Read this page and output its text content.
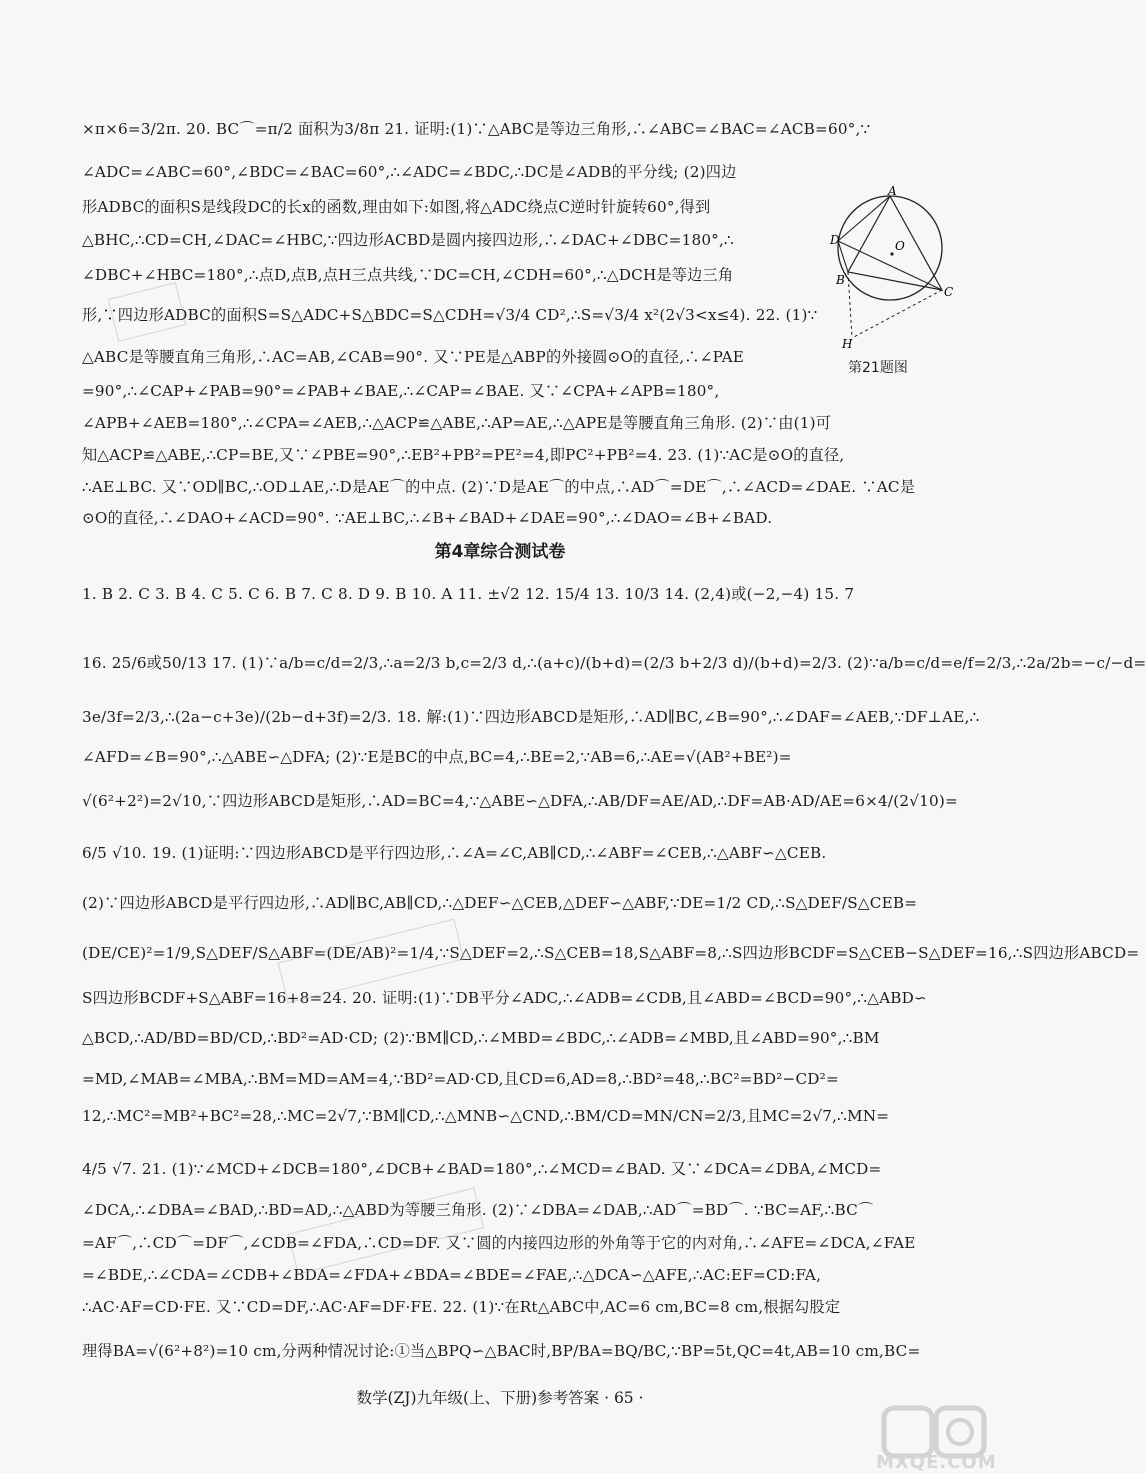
×π×6=3/2π. 20. BC⌒=π/2 面积为3/8π 21. 证明:(1)∵△ABC是等边三角形,∴∠ABC=∠BAC=∠ACB=60°,∵
∠ADC=∠ABC=60°,∠BDC=∠BAC=60°,∴∠ADC=∠BDC,∴DC是∠ADB的平分线; (2)四边
形ADBC的面积S是线段DC的长x的函数,理由如下:如图,将△ADC绕点C逆时针旋转60°,得到
△BHC,∴CD=CH,∠DAC=∠HBC,∵四边形ACBD是圆内接四边形,∴∠DAC+∠DBC=180°,∴
∠DBC+∠HBC=180°,∴点D,点B,点H三点共线,∵DC=CH,∠CDH=60°,∴△DCH是等边三角
形,∵四边形ADBC的面积S=S△ADC+S△BDC=S△CDH=√3/4 CD²,∴S=√3/4 x²(2√3<x≤4). 22. (1)∵
△ABC是等腰直角三角形,∴AC=AB,∠CAB=90°. 又∵PE是△ABP的外接圆⊙O的直径,∴∠PAE
=90°,∴∠CAP+∠PAB=90°=∠PAB+∠BAE,∴∠CAP=∠BAE. 又∵∠CPA+∠APB=180°,
∠APB+∠AEB=180°,∴∠CPA=∠AEB,∴△ACP≌△ABE,∴AP=AE,∴△APE是等腰直角三角形. (2)∵由(1)可
知△ACP≌△ABE,∴CP=BE,又∵∠PBE=90°,∴EB²+PB²=PE²=4,即PC²+PB²=4. 23. (1)∵AC是⊙O的直径,
∴AE⊥BC. 又∵OD∥BC,∴OD⊥AE,∴D是AE⌒的中点. (2)∵D是AE⌒的中点,∴AD⌒=DE⌒,∴∠ACD=∠DAE. ∵AC是
⊙O的直径,∴∠DAO+∠ACD=90°. ∵AE⊥BC,∴∠B+∠BAD+∠DAE=90°,∴∠DAO=∠B+∠BAD.
第4章综合测试卷
1. B 2. C 3. B 4. C 5. C 6. B 7. C 8. D 9. B 10. A 11. ±√2 12. 15/4 13. 10/3 14. (2,4)或(−2,−4) 15. 7
16. 25/6或50/13 17. (1)∵a/b=c/d=2/3,∴a=2/3 b,c=2/3 d,∴(a+c)/(b+d)=(2/3 b+2/3 d)/(b+d)=2/3. (2)∵a/b=c/d=e/f=2/3,∴2a/2b=−c/−d=
3e/3f=2/3,∴(2a−c+3e)/(2b−d+3f)=2/3. 18. 解:(1)∵四边形ABCD是矩形,∴AD∥BC,∠B=90°,∴∠DAF=∠AEB,∵DF⊥AE,∴
∠AFD=∠B=90°,∴△ABE∽△DFA; (2)∵E是BC的中点,BC=4,∴BE=2,∵AB=6,∴AE=√(AB²+BE²)=
√(6²+2²)=2√10,∵四边形ABCD是矩形,∴AD=BC=4,∵△ABE∽△DFA,∴AB/DF=AE/AD,∴DF=AB·AD/AE=6×4/(2√10)=
6/5 √10. 19. (1)证明:∵四边形ABCD是平行四边形,∴∠A=∠C,AB∥CD,∴∠ABF=∠CEB,∴△ABF∽△CEB.
(2)∵四边形ABCD是平行四边形,∴AD∥BC,AB∥CD,∴△DEF∽△CEB,△DEF∽△ABF,∵DE=1/2 CD,∴S△DEF/S△CEB=
(DE/CE)²=1/9,S△DEF/S△ABF=(DE/AB)²=1/4,∵S△DEF=2,∴S△CEB=18,S△ABF=8,∴S四边形BCDF=S△CEB−S△DEF=16,∴S四边形ABCD=
S四边形BCDF+S△ABF=16+8=24. 20. 证明:(1)∵DB平分∠ADC,∴∠ADB=∠CDB,且∠ABD=∠BCD=90°,∴△ABD∽
△BCD,∴AD/BD=BD/CD,∴BD²=AD·CD; (2)∵BM∥CD,∴∠MBD=∠BDC,∴∠ADB=∠MBD,且∠ABD=90°,∴BM
=MD,∠MAB=∠MBA,∴BM=MD=AM=4,∵BD²=AD·CD,且CD=6,AD=8,∴BD²=48,∴BC²=BD²−CD²=
12,∴MC²=MB²+BC²=28,∴MC=2√7,∵BM∥CD,∴△MNB∽△CND,∴BM/CD=MN/CN=2/3,且MC=2√7,∴MN=
4/5 √7. 21. (1)∵∠MCD+∠DCB=180°,∠DCB+∠BAD=180°,∴∠MCD=∠BAD. 又∵∠DCA=∠DBA,∠MCD=
∠DCA,∴∠DBA=∠BAD,∴BD=AD,∴△ABD为等腰三角形. (2)∵∠DBA=∠DAB,∴AD⌒=BD⌒. ∵BC=AF,∴BC⌒
=AF⌒,∴CD⌒=DF⌒,∠CDB=∠FDA,∴CD=DF. 又∵圆的内接四边形的外角等于它的内对角,∴∠AFE=∠DCA,∠FAE
=∠BDE,∴∠CDA=∠CDB+∠BDA=∠FDA+∠BDA=∠BDE=∠FAE,∴△DCA∽△AFE,∴AC:EF=CD:FA,
∴AC·AF=CD·FE. 又∵CD=DF,∴AC·AF=DF·FE. 22. (1)∵在Rt△ABC中,AC=6 cm,BC=8 cm,根据勾股定
理得BA=√(6²+8²)=10 cm,分两种情况讨论:①当△BPQ∽△BAC时,BP/BA=BQ/BC,∵BP=5t,QC=4t,AB=10 cm,BC=
A
D	O
B
C
H
第21题图
数学(ZJ)九年级(上、下册)参考答案 · 65 ·
MXQE.COM
